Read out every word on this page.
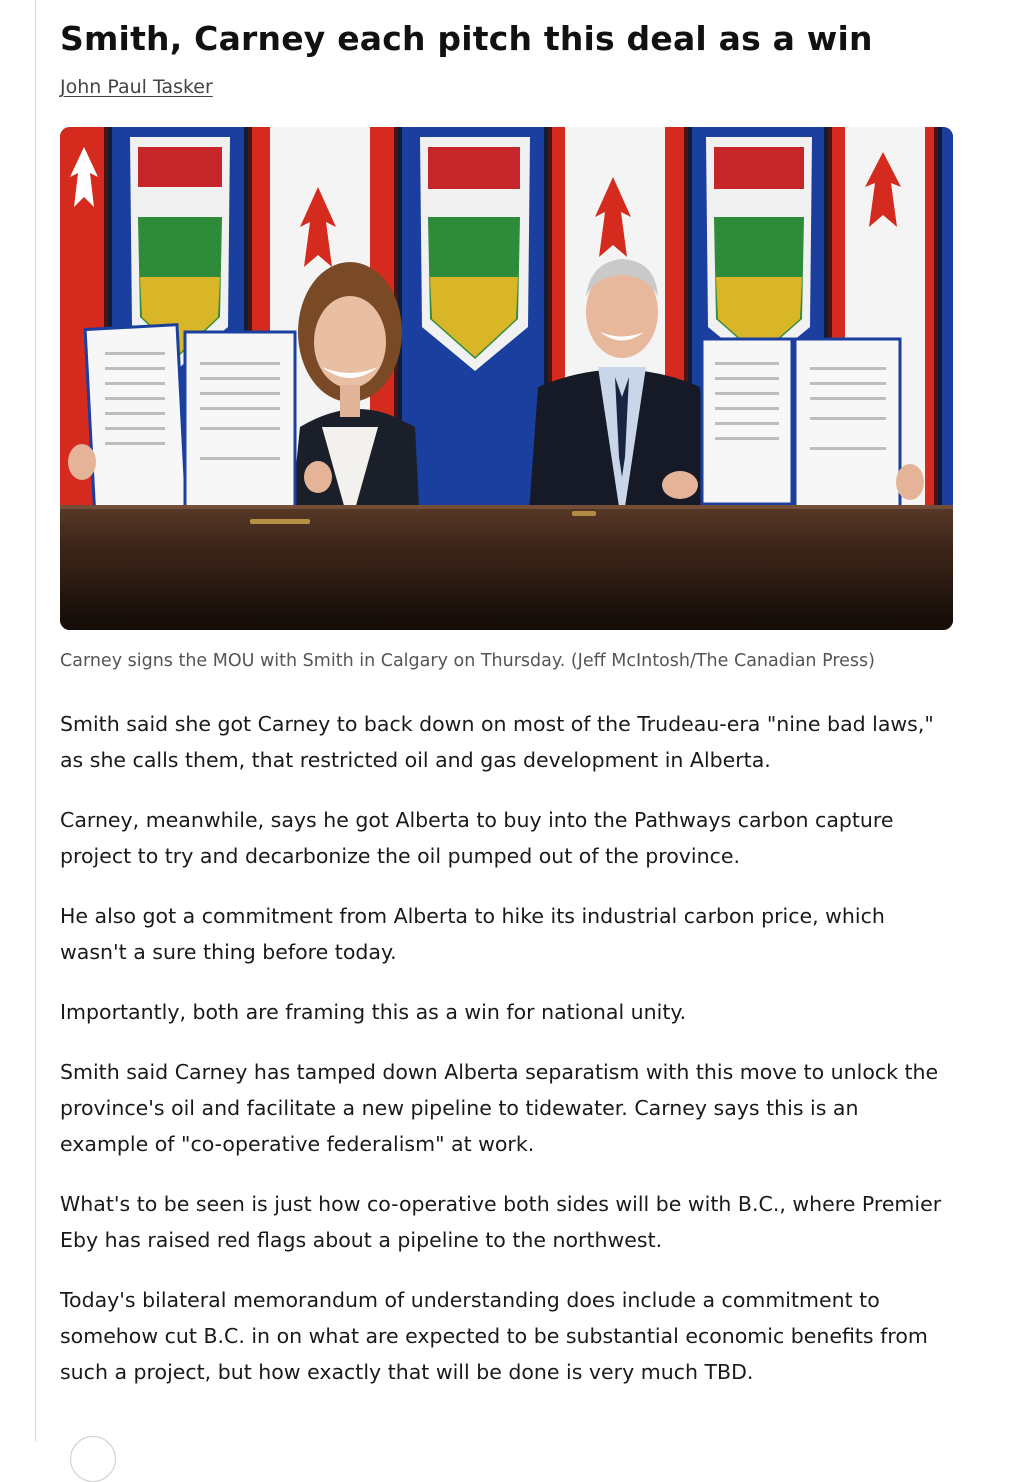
Smith, Carney each pitch this deal as a win
John Paul Tasker
Carney signs the MOU with Smith in Calgary on Thursday. (Jeff McIntosh/The Canadian Press)

Smith said she got Carney to back down on most of the Trudeau-era "nine bad laws," as she calls them, that restricted oil and gas development in Alberta.

Carney, meanwhile, says he got Alberta to buy into the Pathways carbon capture project to try and decarbonize the oil pumped out of the province.

He also got a commitment from Alberta to hike its industrial carbon price, which wasn't a sure thing before today.

Importantly, both are framing this as a win for national unity.

Smith said Carney has tamped down Alberta separatism with this move to unlock the province's oil and facilitate a new pipeline to tidewater. Carney says this is an example of "co-operative federalism" at work.

What's to be seen is just how co-operative both sides will be with B.C., where Premier Eby has raised red flags about a pipeline to the northwest.

Today's bilateral memorandum of understanding does include a commitment to somehow cut B.C. in on what are expected to be substantial economic benefits from such a project, but how exactly that will be done is very much TBD.
